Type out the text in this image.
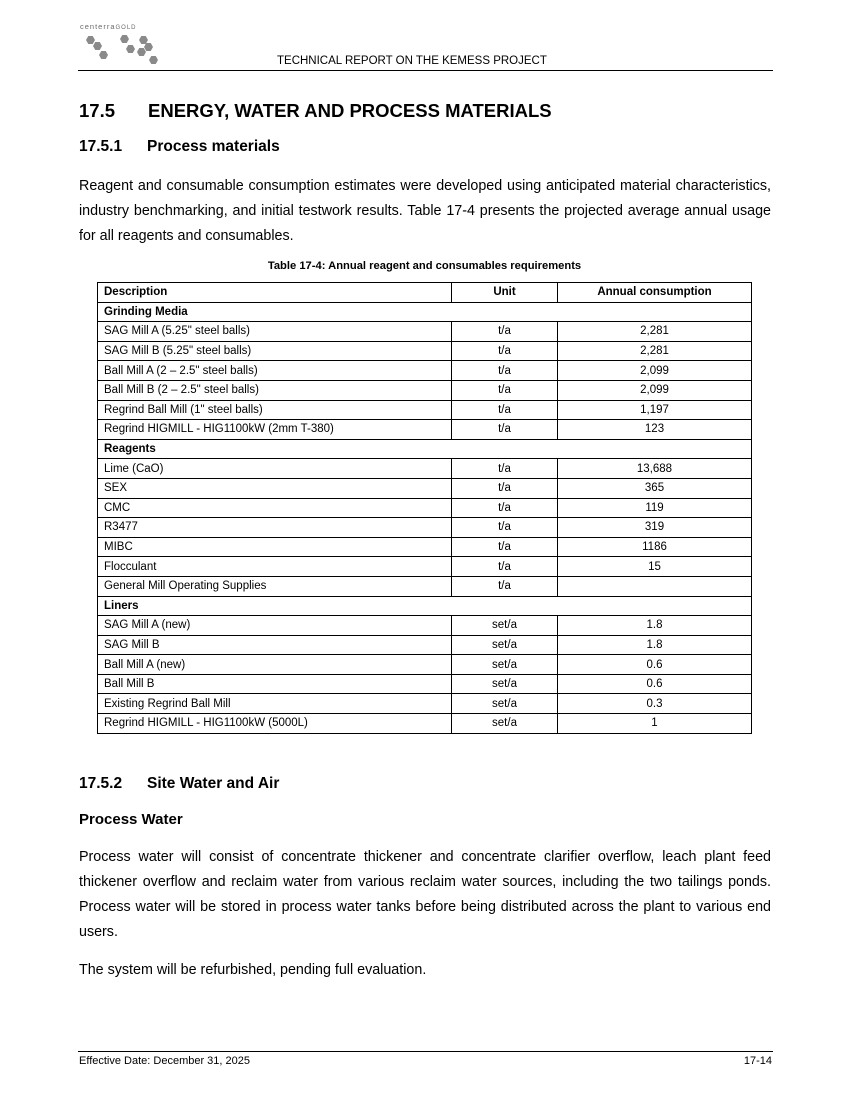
centerraGOLD
TECHNICAL REPORT ON THE KEMESS PROJECT
17.5 ENERGY, WATER AND PROCESS MATERIALS
17.5.1 Process materials

Reagent and consumable consumption estimates were developed using anticipated material characteristics, industry benchmarking, and initial testwork results. Table 17-4 presents the projected average annual usage for all reagents and consumables.

Table 17-4: Annual reagent and consumables requirements
Description	Unit	Annual consumption
Grinding Media		
SAG Mill A (5.25" steel balls)	t/a	2,281
SAG Mill B (5.25" steel balls)	t/a	2,281
Ball Mill A (2 – 2.5" steel balls)	t/a	2,099
Ball Mill B (2 – 2.5" steel balls)	t/a	2,099
Regrind Ball Mill (1" steel balls)	t/a	1,197
Regrind HIGMILL - HIG1100kW (2mm T-380)	t/a	123
Reagents		
Lime (CaO)	t/a	13,688
SEX	t/a	365
CMC	t/a	119
R3477	t/a	319
MIBC	t/a	1186
Flocculant	t/a	15
General Mill Operating Supplies	t/a	
Liners		
SAG Mill A (new)	set/a	1.8
SAG Mill B	set/a	1.8
Ball Mill A (new)	set/a	0.6
Ball Mill B	set/a	0.6
Existing Regrind Ball Mill	set/a	0.3
Regrind HIGMILL - HIG1100kW (5000L)	set/a	1
17.5.2 Site Water and Air
Process Water

Process water will consist of concentrate thickener and concentrate clarifier overflow, leach plant feed thickener overflow and reclaim water from various reclaim water sources, including the two tailings ponds. Process water will be stored in process water tanks before being distributed across the plant to various end users.

The system will be refurbished, pending full evaluation.

Effective Date: December 31, 2025	17-14
